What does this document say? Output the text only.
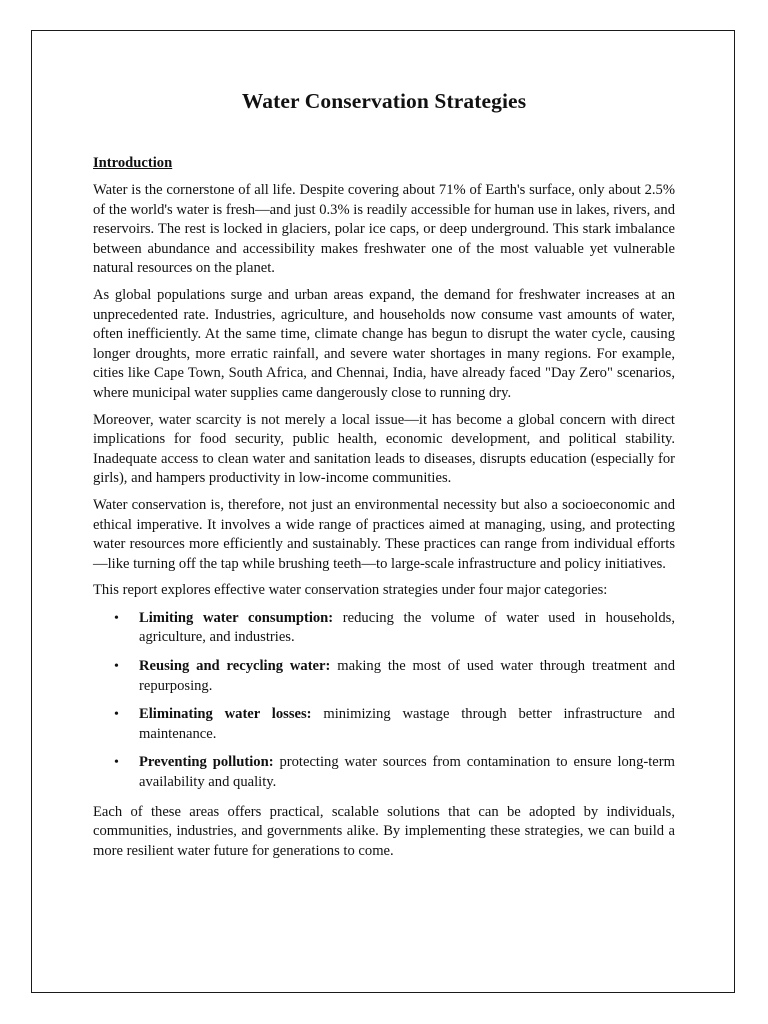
Water Conservation Strategies
Introduction

Water is the cornerstone of all life. Despite covering about 71% of Earth's surface, only about 2.5% of the world's water is fresh—and just 0.3% is readily accessible for human use in lakes, rivers, and reservoirs. The rest is locked in glaciers, polar ice caps, or deep underground. This stark imbalance between abundance and accessibility makes freshwater one of the most valuable yet vulnerable natural resources on the planet.

As global populations surge and urban areas expand, the demand for freshwater increases at an unprecedented rate. Industries, agriculture, and households now consume vast amounts of water, often inefficiently. At the same time, climate change has begun to disrupt the water cycle, causing longer droughts, more erratic rainfall, and severe water shortages in many regions. For example, cities like Cape Town, South Africa, and Chennai, India, have already faced "Day Zero" scenarios, where municipal water supplies came dangerously close to running dry.

Moreover, water scarcity is not merely a local issue—it has become a global concern with direct implications for food security, public health, economic development, and political stability. Inadequate access to clean water and sanitation leads to diseases, disrupts education (especially for girls), and hampers productivity in low-income communities.

Water conservation is, therefore, not just an environmental necessity but also a socioeconomic and ethical imperative. It involves a wide range of practices aimed at managing, using, and protecting water resources more efficiently and sustainably. These practices can range from individual efforts—like turning off the tap while brushing teeth—to large-scale infrastructure and policy initiatives.

This report explores effective water conservation strategies under four major categories:

• Limiting water consumption: reducing the volume of water used in households, agriculture, and industries.
• Reusing and recycling water: making the most of used water through treatment and repurposing.
• Eliminating water losses: minimizing wastage through better infrastructure and maintenance.
• Preventing pollution: protecting water sources from contamination to ensure long-term availability and quality.

Each of these areas offers practical, scalable solutions that can be adopted by individuals, communities, industries, and governments alike. By implementing these strategies, we can build a more resilient water future for generations to come.
